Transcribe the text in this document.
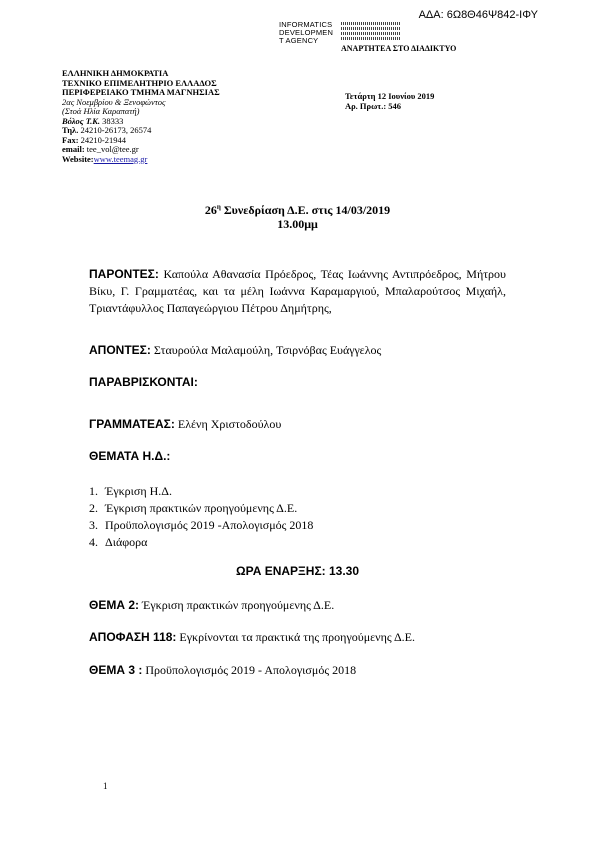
ΑΔΑ: 6Ω8Θ46Ψ842-ΙΦΥ
INFORMATICS
DEVELOPMEN
T AGENCY
ΑΝΑΡΤΗΤΕΑ ΣΤΟ ΔΙΑΔΙΚΤΥΟ
ΕΛΛΗΝΙΚΗ ΔΗΜΟΚΡΑΤΙΑ
ΤΕΧΝΙΚΟ ΕΠΙΜΕΛΗΤΗΡΙΟ ΕΛΛΑΔΟΣ
ΠΕΡΙΦΕΡΕΙΑΚΟ ΤΜΗΜΑ ΜΑΓΝΗΣΙΑΣ
2ας Νοεμβρίου & Ξενοφώντος
(Στοά Ηλία Καραπατή)
Βόλος Τ.Κ. 38333
Τηλ. 24210-26173, 26574
Fax: 24210-21944
email: tee_vol@tee.gr
Website:www.teemag.gr
Τετάρτη 12 Ιουνίου 2019
Αρ. Πρωτ.: 546
$26^\eta$ Συνεδρίαση Δ.Ε. στις 14/03/2019
13.00μμ
ΠΑΡΟΝΤΕΣ: Καπούλα Αθανασία Πρόεδρος, Τέας Ιωάννης Αντιπρόεδρος, Μήτρου Βίκυ, Γ. Γραμματέας, και τα μέλη Ιωάννα Καραμαργιού, Μπαλαρούτσος Μιχαήλ, Τριαντάφυλλος Παπαγεώργιου Πέτρου Δημήτρης,
ΑΠΟΝΤΕΣ: Σταυρούλα Μαλαμούλη, Τσιρνόβας Ευάγγελος
ΠΑΡΑΒΡΙΣΚΟΝΤΑΙ:
ΓΡΑΜΜΑΤΕΑΣ: Ελένη Χριστοδούλου
ΘΕΜΑΤΑ Η.Δ.:
1. Έγκριση Η.Δ.
2. Έγκριση πρακτικών προηγούμενης Δ.Ε.
3. Προϋπολογισμός 2019 -Απολογισμός 2018
4. Διάφορα
ΩΡΑ ΕΝΑΡΞΗΣ: 13.30
ΘΕΜΑ 2: Έγκριση πρακτικών προηγούμενης Δ.Ε.
ΑΠΟΦΑΣΗ 118: Εγκρίνονται τα πρακτικά της προηγούμενης Δ.Ε.
ΘΕΜΑ 3 : Προϋπολογισμός 2019 - Απολογισμός 2018
1
